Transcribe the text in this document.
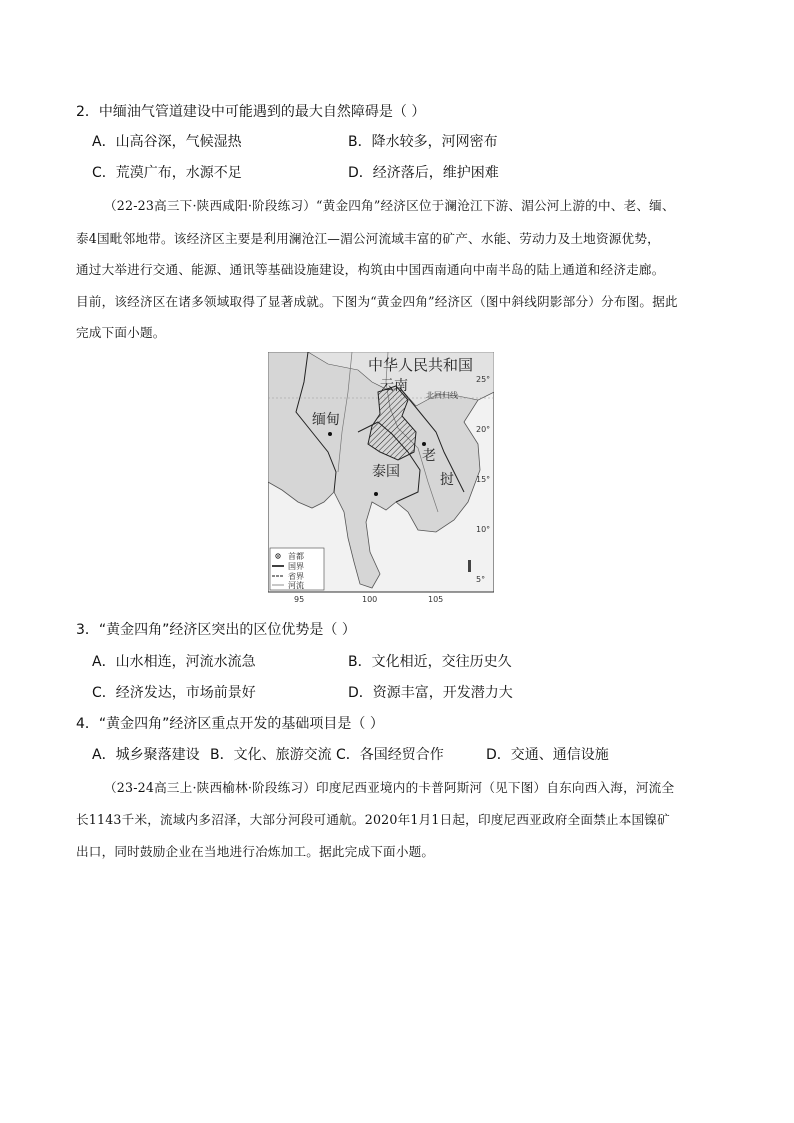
2．中缅油气管道建设中可能遇到的最大自然障碍是（ ）
A．山高谷深，气候湿热	B．降水较多，河网密布
C．荒漠广布，水源不足	D．经济落后，维护困难
（22-23高三下·陕西咸阳·阶段练习）“黄金四角”经济区位于澜沧江下游、湄公河上游的中、老、缅、
泰4国毗邻地带。该经济区主要是利用澜沧江—湄公河流域丰富的矿产、水能、劳动力及土地资源优势，
通过大举进行交通、能源、通讯等基础设施建设，构筑由中国西南通向中南半岛的陆上通道和经济走廊。
目前，该经济区在诸多领域取得了显著成就。下图为“黄金四角”经济区（图中斜线阴影部分）分布图。据此
完成下面小题。
中华人民共和国
云南
北回归线
缅甸
泰国
老
挝
25°
20°
15°
10°
5°
95	100	105
首都
国界
省界
河流
3．“黄金四角”经济区突出的区位优势是（ ）
A．山水相连，河流水流急	B．文化相近，交往历史久
C．经济发达，市场前景好	D．资源丰富，开发潜力大
4．“黄金四角”经济区重点开发的基础项目是（ ）
A．城乡聚落建设 B．文化、旅游交流 C．各国经贸合作	D．交通、通信设施
（23-24高三上·陕西榆林·阶段练习）印度尼西亚境内的卡普阿斯河（见下图）自东向西入海，河流全
长1143千米，流域内多沼泽，大部分河段可通航。2020年1月1日起，印度尼西亚政府全面禁止本国镍矿
出口，同时鼓励企业在当地进行冶炼加工。据此完成下面小题。
